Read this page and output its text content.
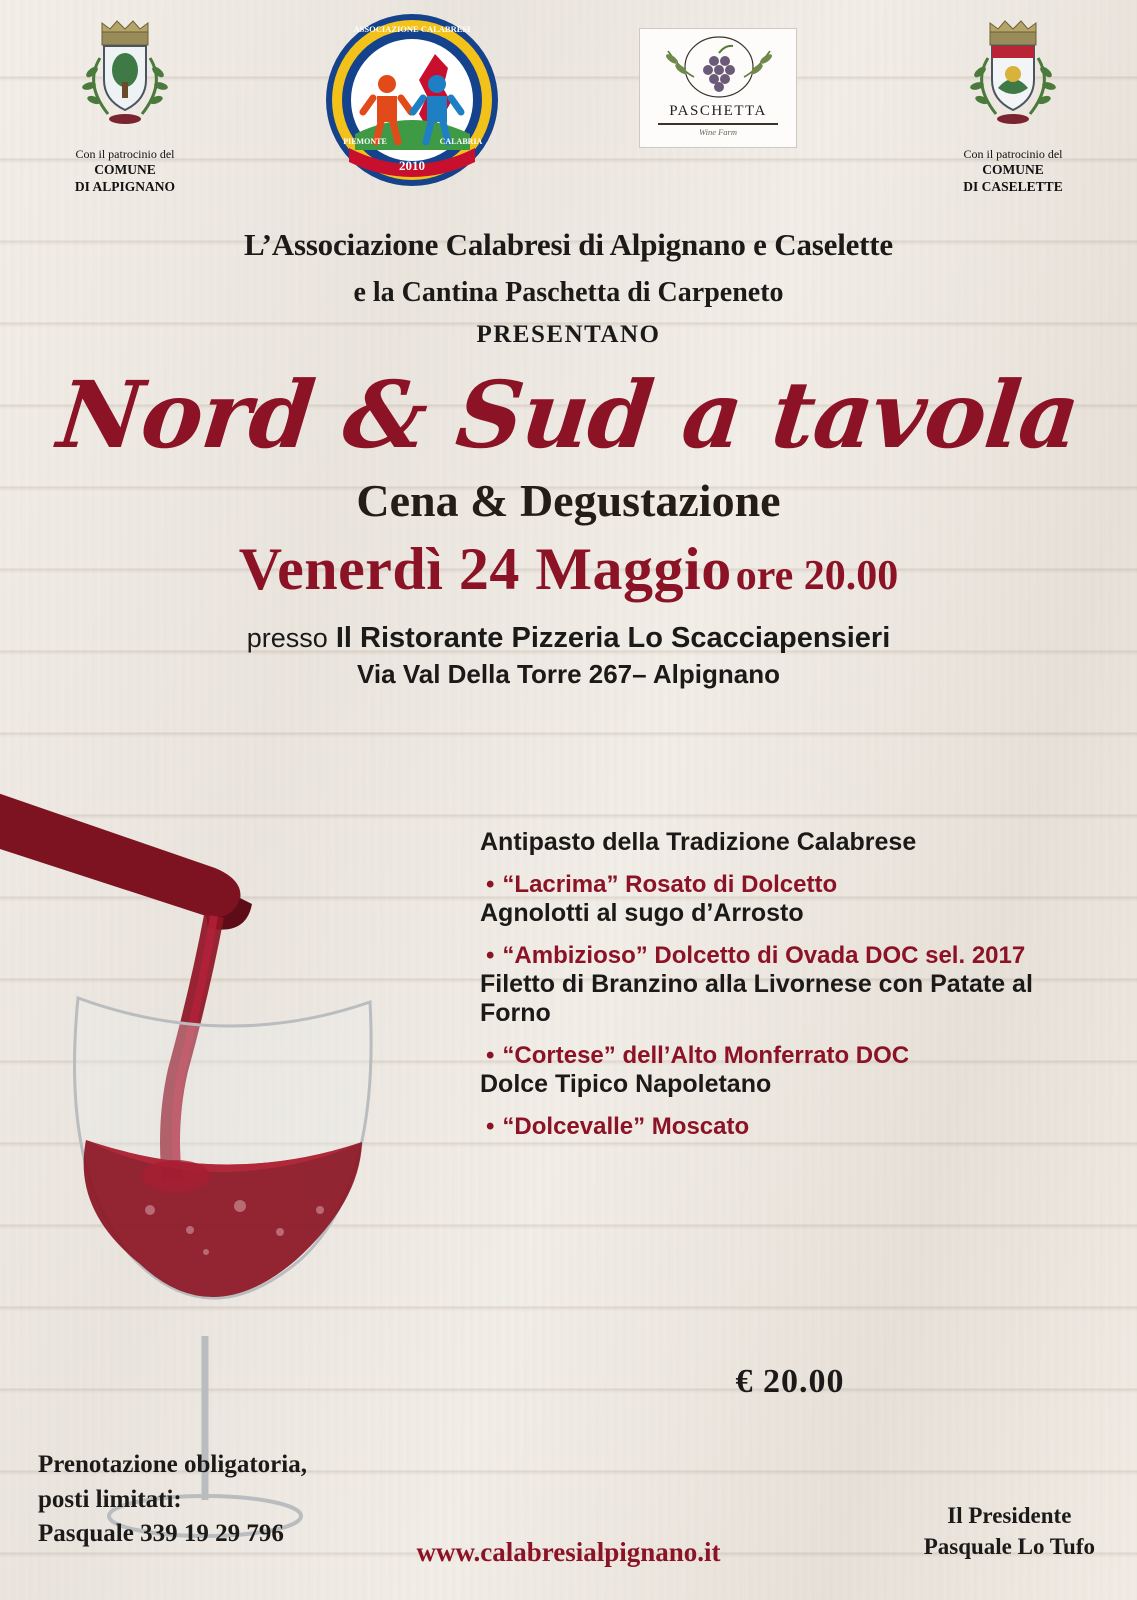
Con il patrocinio del
COMUNE
DI ALPIGNANO
2010
ASSOCIAZIONE CALABRESI
PIEMONTE	CALABRIA
PASCHETTA
Wine Farm
Con il patrocinio del
COMUNE
DI CASELETTE
L’Associazione Calabresi di Alpignano e Caselette
e la Cantina Paschetta di Carpeneto
PRESENTANO
Nord & Sud a tavola
Cena & Degustazione
Venerdì 24 Maggio ore 20.00
presso Il Ristorante Pizzeria Lo Scacciapensieri
Via Val Della Torre 267– Alpignano
Antipasto della Tradizione Calabrese
• “Lacrima” Rosato di Dolcetto
Agnolotti al sugo d’Arrosto
• “Ambizioso” Dolcetto di Ovada DOC sel. 2017
Filetto di Branzino alla Livornese con Patate al Forno
• “Cortese” dell’Alto Monferrato DOC
Dolce Tipico Napoletano
• “Dolcevalle” Moscato
€ 20.00
Prenotazione obligatoria,
posti limitati:
Pasquale 339 19 29 796
www.calabresialpignano.it
Il Presidente
Pasquale Lo Tufo
